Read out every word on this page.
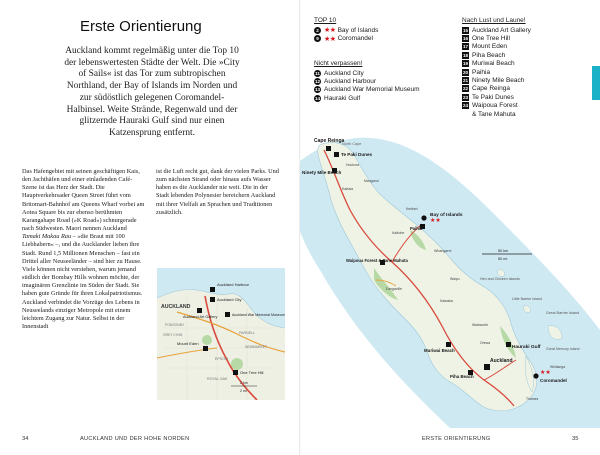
Erste Orientierung

Auckland kommt regelmäßig unter die Top 10 der lebenswertesten Städte der Welt. Die »City of Sails« ist das Tor zum subtropischen Northland, der Bay of Islands im Norden und zur südöstlich gelegenen Coromandel-Halbinsel. Weite Strände, Regenwald und der glitzernde Hauraki Gulf sind nur einen Katzensprung entfernt.

Das Hafengebiet mit seinen geschäftigen Kais, den Jachthäfen und einer einladenden Café-Szene ist das Herz der Stadt. Die Hauptverkehrsader Queen Street führt vom Britomart-Bahnhof am Queens Wharf vorbei am Aotea Square bis zur ebenso berühmten Karangahape Road (»K Road«) schnurgerade nach Südwesten. Maori nennen Auckland Tamaki Makau Rau – »die Braut mit 100 Liebhabern« –, und die Aucklander lieben ihre Stadt. Rund 1,5 Millionen Menschen – fast ein Drittel aller Neuseeländer – sind hier zu Hause. Viele können nicht verstehen, warum jemand südlich der Bombay Hills wohnen möchte, der imaginären Grenzlinie im Süden der Stadt. Sie haben gute Gründe für ihren Lokalpatriotismus. Auckland verbindet die Vorzüge des Lebens in Neuseelands einziger Metropole mit einem leichtem Zugang zur Natur. Selbst in der Innenstadt

ist die Luft recht gut, dank der vielen Parks. Und zum nächsten Strand oder hinaus aufs Wasser haben es die Aucklander nie weit. Die in der Stadt lebenden Polynesier bereichern Auckland mit ihrer Vielfalt an Sprachen und Traditionen zusätzlich.

AUCKLAND
Auckland Harbour
Auckland City
Auckland Art Gallery	Auckland War Memorial Museum
Mount Eden
One Tree Hill
PARNELL
EPSOM
NEWMARKET
ROYAL OAK
PONSONBY
GREY LYNN
2 km
2 mi
34	AUCKLAND UND DER HOHE NORDEN
TOP 10
2 ★★ Bay of Islands
9 ★★ Coromandel
Nicht verpassen!
11 Auckland City
12 Auckland Harbour
13 Auckland War Memorial Museum
14 Hauraki Gulf
Nach Lust und Laune!
15 Auckland Art Gallery
16 One Tree Hill
17 Mount Eden
18 Piha Beach
19 Muriwai Beach
20 Paihia
21 Ninety Mile Beach
22 Cape Reinga
23 Te Paki Dunes
24 Waipoua Forest
& Tane Mahuta
Cape Reinga
North Cape
Te Paki Dunes
Ninety Mile Beach
Bay of Islands
★★
Paihia
Waipoua Forest & Tane Mahuta
Muriwai Beach
Piha Beach
Auckland
Hauraki Gulf
★★
Coromandel
Great Barrier Island
Little Barrier Island
Hen and Chicken Islands
Great Mercury Island
Kaitaia
Whangarei
Dargaville
Kerikeri
Kaikohe
Houhora
Mangonui
Warkworth
Orewa
Thames
Whitianga
Waipu
Kaiwaka
50 km
50 mi
ERSTE ORIENTIERUNG	35
